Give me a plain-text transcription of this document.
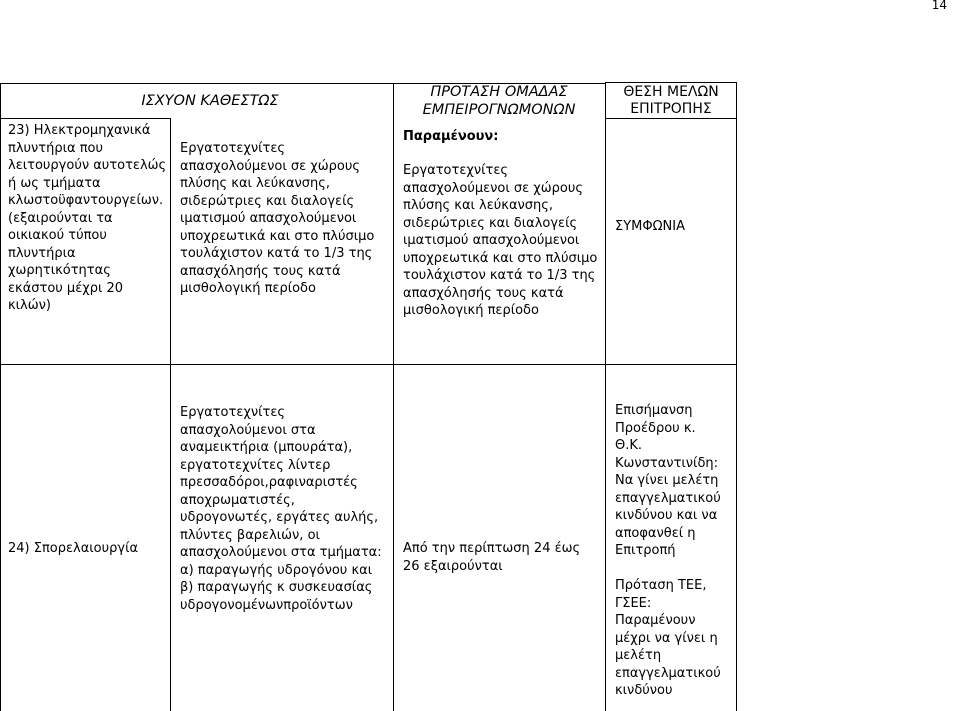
14
ΙΣΧΥΟΝ ΚΑΘΕΣΤΩΣ
ΠΡΟΤΑΣΗ ΟΜΑΔΑΣ ΕΜΠΕΙΡΟΓΝΩΜΟΝΩΝ
ΘΕΣΗ ΜΕΛΩΝ ΕΠΙΤΡΟΠΗΣ
23) Ηλεκτρομηχανικά
πλυντήρια που
λειτουργούν αυτοτελώς
ή ως τμήματα
κλωστοϋφαντουργείων.
(εξαιρούνται τα
οικιακού τύπου
πλυντήρια
χωρητικότητας
εκάστου μέχρι 20
κιλών)
Εργατοτεχνίτες
απασχολούμενοι σε χώρους
πλύσης και λεύκανσης,
σιδερώτριες και διαλογείς
ιματισμού απασχολούμενοι
υποχρεωτικά και στο πλύσιμο
τουλάχιστον κατά το 1/3 της
απασχόλησής τους κατά
μισθολογική περίοδο
Παραμένουν:
Εργατοτεχνίτες
απασχολούμενοι σε χώρους
πλύσης και λεύκανσης,
σιδερώτριες και διαλογείς
ιματισμού απασχολούμενοι
υποχρεωτικά και στο πλύσιμο
τουλάχιστον κατά το 1/3 της
απασχόλησής τους κατά
μισθολογική περίοδο
ΣΥΜΦΩΝΙΑ
24) Σπορελαιουργία
Εργατοτεχνίτες
απασχολούμενοι στα
αναμεικτήρια (μπουράτα),
εργατοτεχνίτες λίντερ
πρεσσαδόροι,ραφιναριστές
αποχρωματιστές,
υδρογονωτές, εργάτες αυλής,
πλύντες βαρελιών, οι
απασχολούμενοι στα τμήματα:
α) παραγωγής υδρογόνου και
β) παραγωγής κ συσκευασίας
υδρογονομένωνπροϊόντων
Από την περίπτωση 24 έως
26 εξαιρούνται
Επισήμανση
Προέδρου κ.
Θ.Κ.
Κωνσταντινίδη:
Να γίνει μελέτη
επαγγελματικού
κινδύνου και να
αποφανθεί η
Επιτροπή

Πρόταση ΤΕΕ,
ΓΣΕΕ:
Παραμένουν
μέχρι να γίνει η
μελέτη
επαγγελματικού
κινδύνου
